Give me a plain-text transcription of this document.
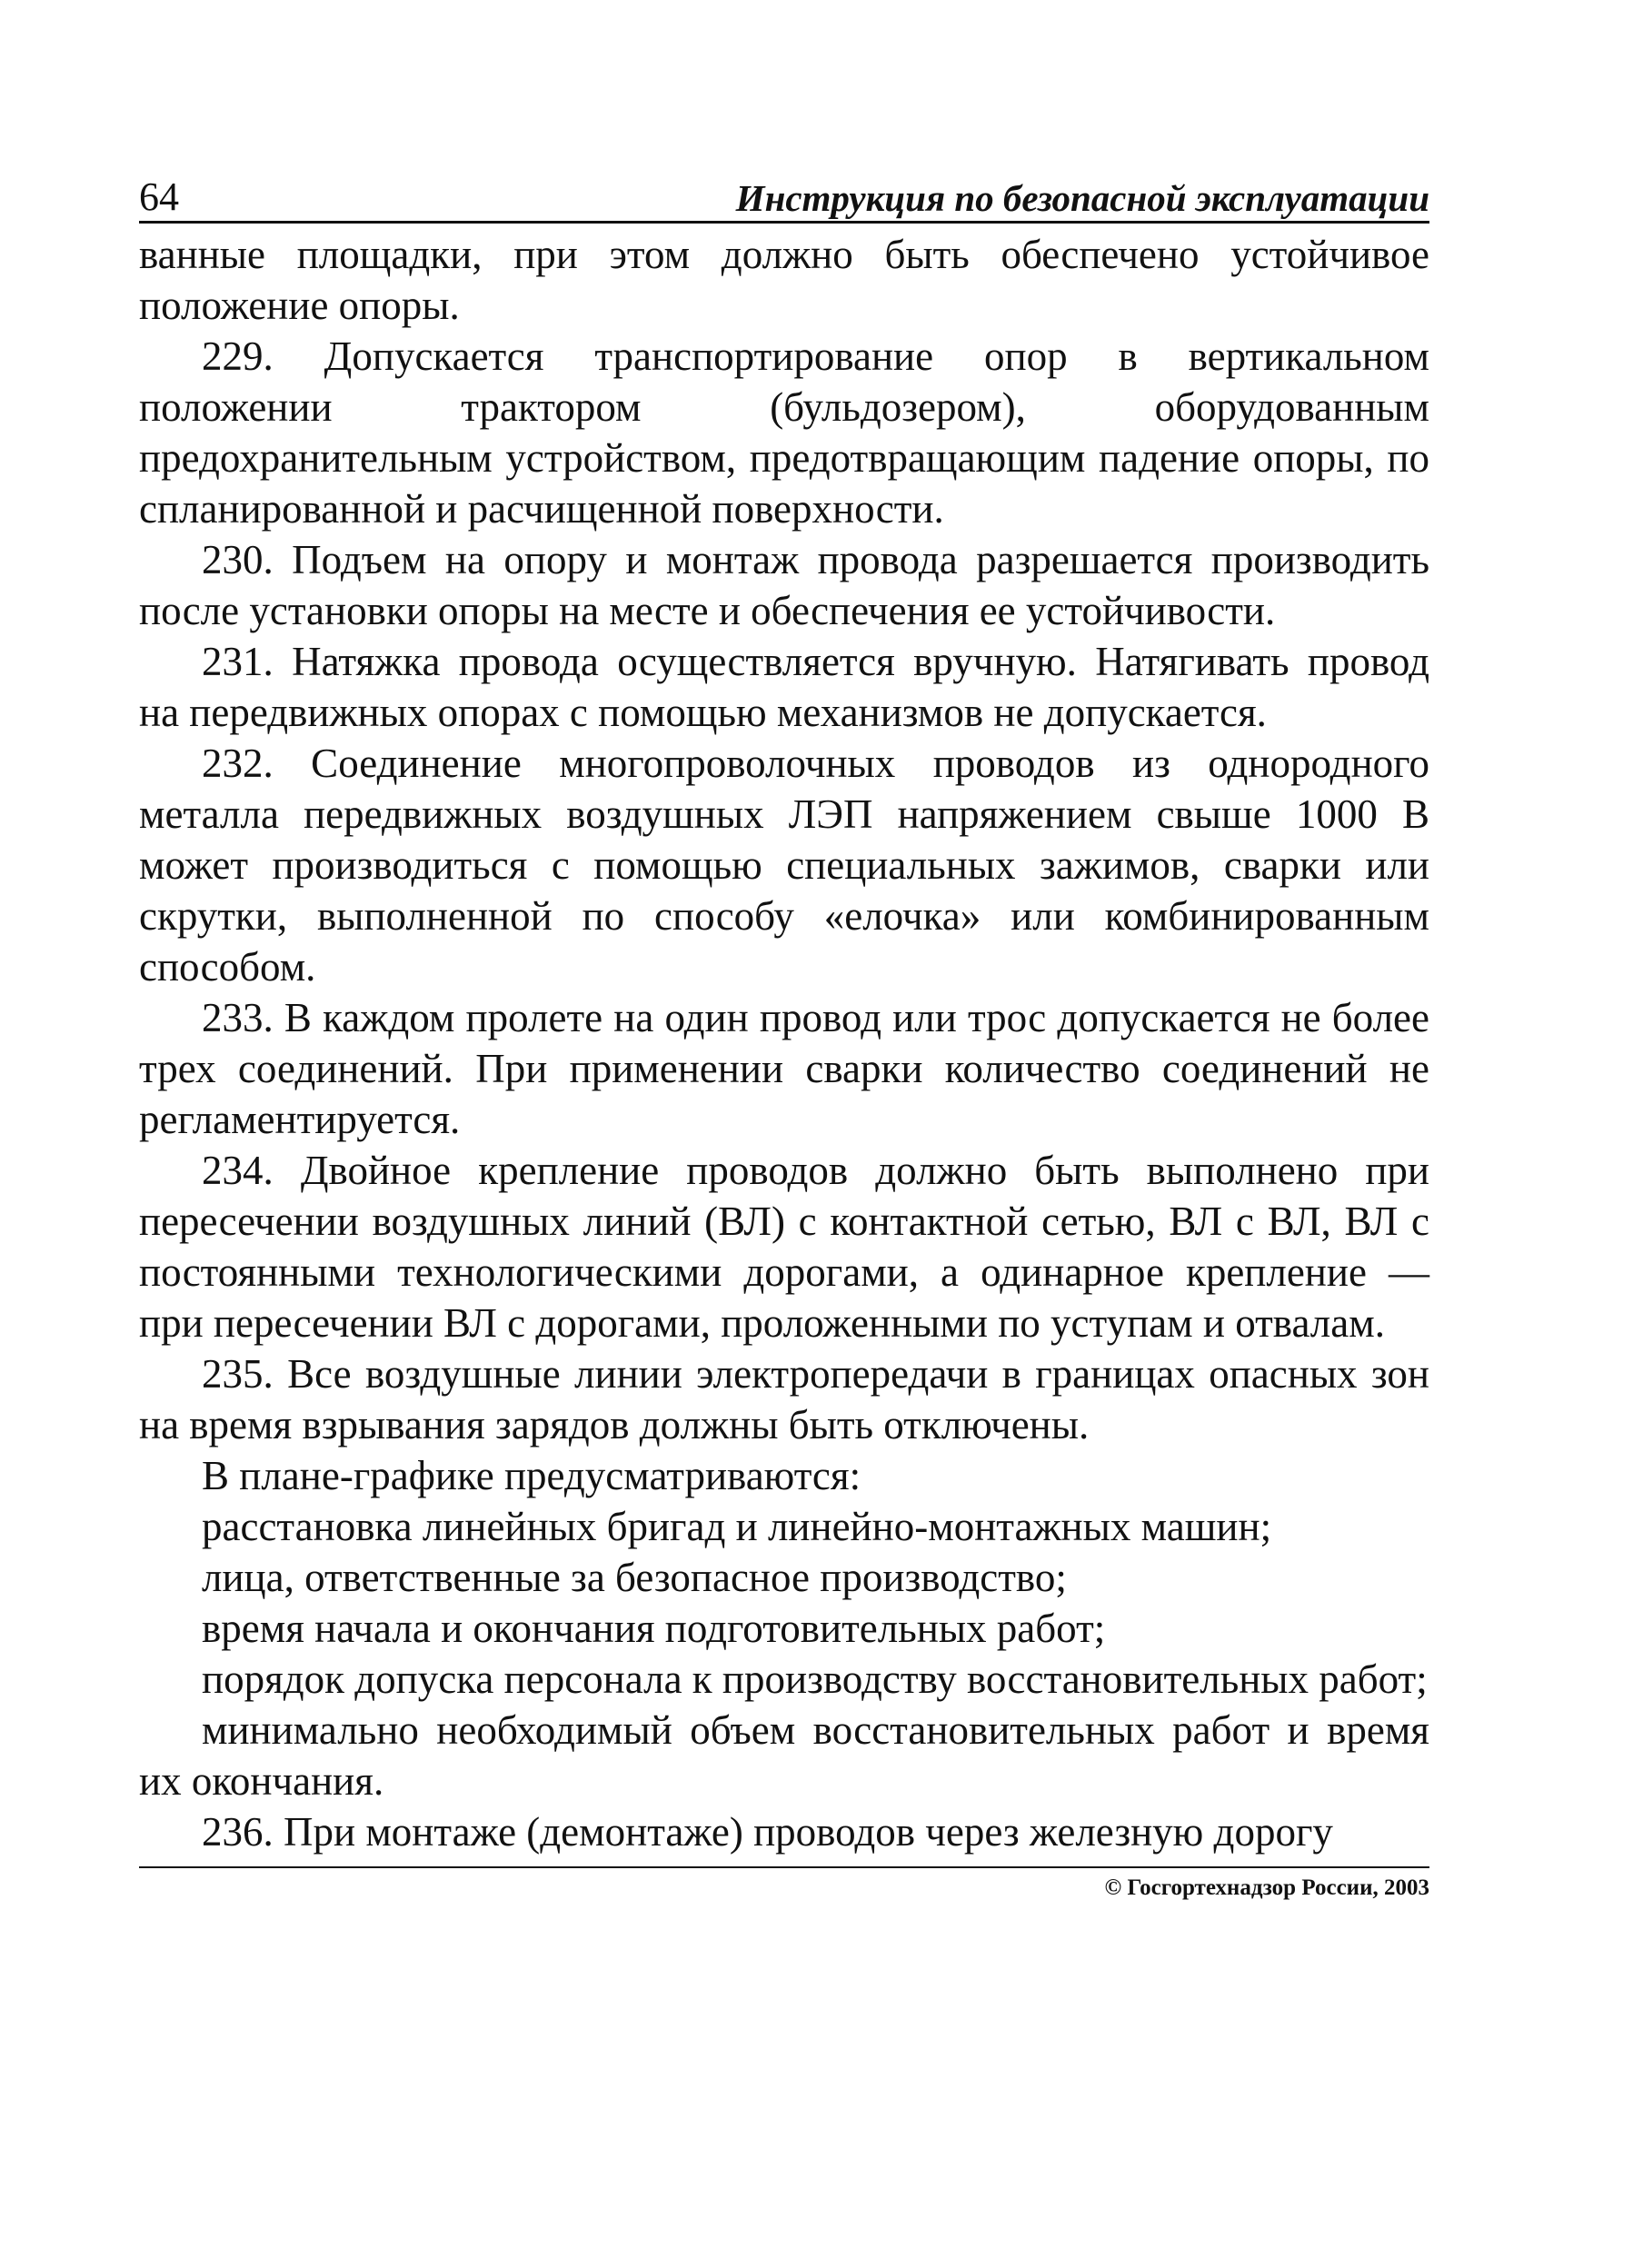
64	Инструкция по безопасной эксплуатации

ванные площадки, при этом должно быть обеспечено устойчивое положение опоры.

229. Допускается транспортирование опор в вертикальном положении трактором (бульдозером), оборудованным предохранительным устройством, предотвращающим падение опоры, по спланированной и расчищенной поверхности.

230. Подъем на опору и монтаж провода разрешается производить после установки опоры на месте и обеспечения ее устойчивости.

231. Натяжка провода осуществляется вручную. Натягивать провод на передвижных опорах с помощью механизмов не допускается.

232. Соединение многопроволочных проводов из однородного металла передвижных воздушных ЛЭП напряжением свыше 1000 В может производиться с помощью специальных зажимов, сварки или скрутки, выполненной по способу «елочка» или комбинированным способом.

233. В каждом пролете на один провод или трос допускается не более трех соединений. При применении сварки количество соединений не регламентируется.

234. Двойное крепление проводов должно быть выполнено при пересечении воздушных линий (ВЛ) с контактной сетью, ВЛ с ВЛ, ВЛ с постоянными технологическими дорогами, а одинарное крепление — при пересечении ВЛ с дорогами, проложенными по уступам и отвалам.

235. Все воздушные линии электропередачи в границах опасных зон на время взрывания зарядов должны быть отключены.

В плане-графике предусматриваются:

расстановка линейных бригад и линейно-монтажных машин;

лица, ответственные за безопасное производство;

время начала и окончания подготовительных работ;

порядок допуска персонала к производству восстановительных работ;

минимально необходимый объем восстановительных работ и время их окончания.

236. При монтаже (демонтаже) проводов через железную дорогу

© Госгортехнадзор России, 2003
